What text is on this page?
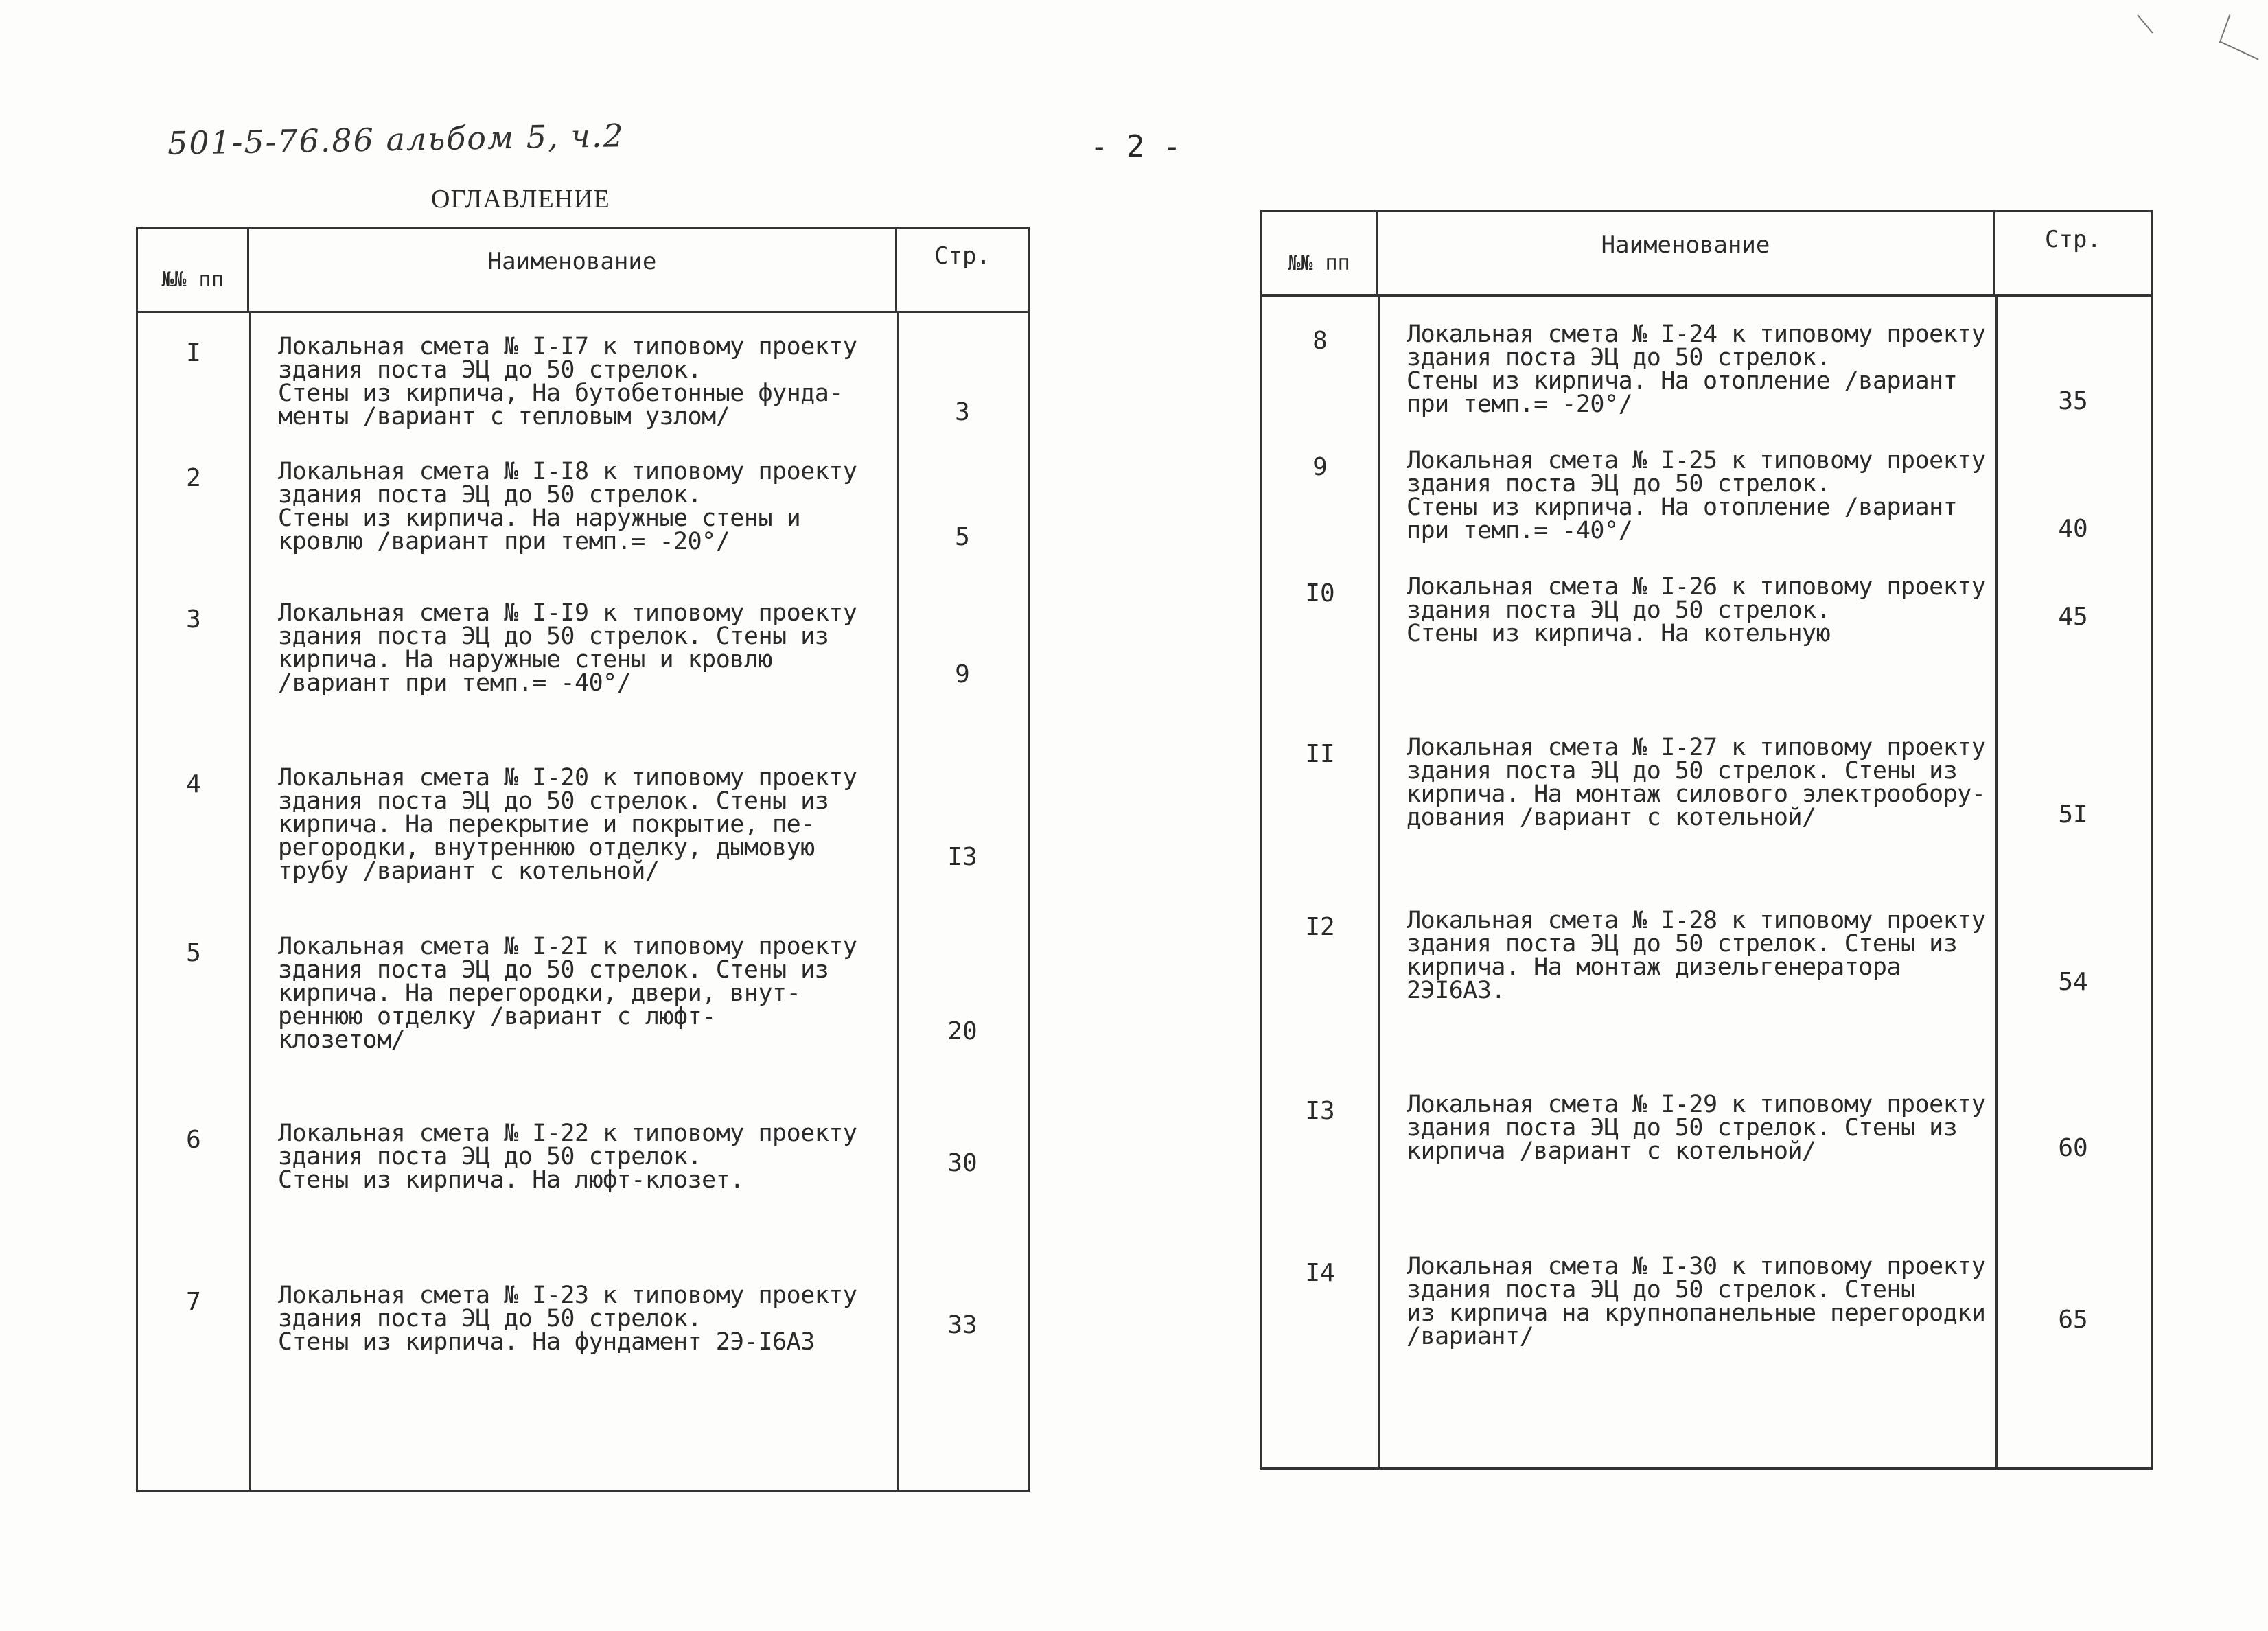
501-5-76.86 альбом 5, ч.2	- 2 -
ОГЛАВЛЕНИЕ
№№ пп
Наименование	Стр.
I	Локальная смета № I-I7 к типовому проекту
здания поста ЭЦ до 50 стрелок.
Стены из кирпича, На бутобетонные фунда-
менты /вариант с тепловым узлом/	3
2	Локальная смета № I-I8 к типовому проекту
здания поста ЭЦ до 50 стрелок.
Стены из кирпича. На наружные стены и
кровлю /вариант при темп.= -20°/	5
3	Локальная смета № I-I9 к типовому проекту
здания поста ЭЦ до 50 стрелок. Стены из
кирпича. На наружные стены и кровлю
/вариант при темп.= -40°/	9
4	Локальная смета № I-20 к типовому проекту
здания поста ЭЦ до 50 стрелок. Стены из
кирпича. На перекрытие и покрытие, пе-
регородки, внутреннюю отделку, дымовую
трубу /вариант с котельной/	I3
5	Локальная смета № I-2I к типовому проекту
здания поста ЭЦ до 50 стрелок. Стены из
кирпича. На перегородки, двери, внут-
реннюю отделку /вариант с люфт-
клозетом/	20
6	Локальная смета № I-22 к типовому проекту
здания поста ЭЦ до 50 стрелок.
Стены из кирпича. На люфт-клозет.
30
7	Локальная смета № I-23 к типовому проекту
здания поста ЭЦ до 50 стрелок.
Стены из кирпича. На фундамент 2Э-I6А3
33
№№ пп
Наименование	Стр.
8	Локальная смета № I-24 к типовому проекту
здания поста ЭЦ до 50 стрелок.
Стены из кирпича. На отопление /вариант
при темп.= -20°/	35
9	Локальная смета № I-25 к типовому проекту
здания поста ЭЦ до 50 стрелок.
Стены из кирпича. На отопление /вариант
при темп.= -40°/	40
I0	Локальная смета № I-26 к типовому проекту
здания поста ЭЦ до 50 стрелок.
Стены из кирпича. На котельную
45
II	Локальная смета № I-27 к типовому проекту
здания поста ЭЦ до 50 стрелок. Стены из
кирпича. На монтаж силового электрообору-
дования /вариант с котельной/	5I
I2	Локальная смета № I-28 к типовому проекту
здания поста ЭЦ до 50 стрелок. Стены из
кирпича. На монтаж дизельгенератора
2ЭI6А3.	54
I3	Локальная смета № I-29 к типовому проекту
здания поста ЭЦ до 50 стрелок. Стены из
кирпича /вариант с котельной/	60
I4	Локальная смета № I-30 к типовому проекту
здания поста ЭЦ до 50 стрелок. Стены
из кирпича на крупнопанельные перегородки
/вариант/
65
